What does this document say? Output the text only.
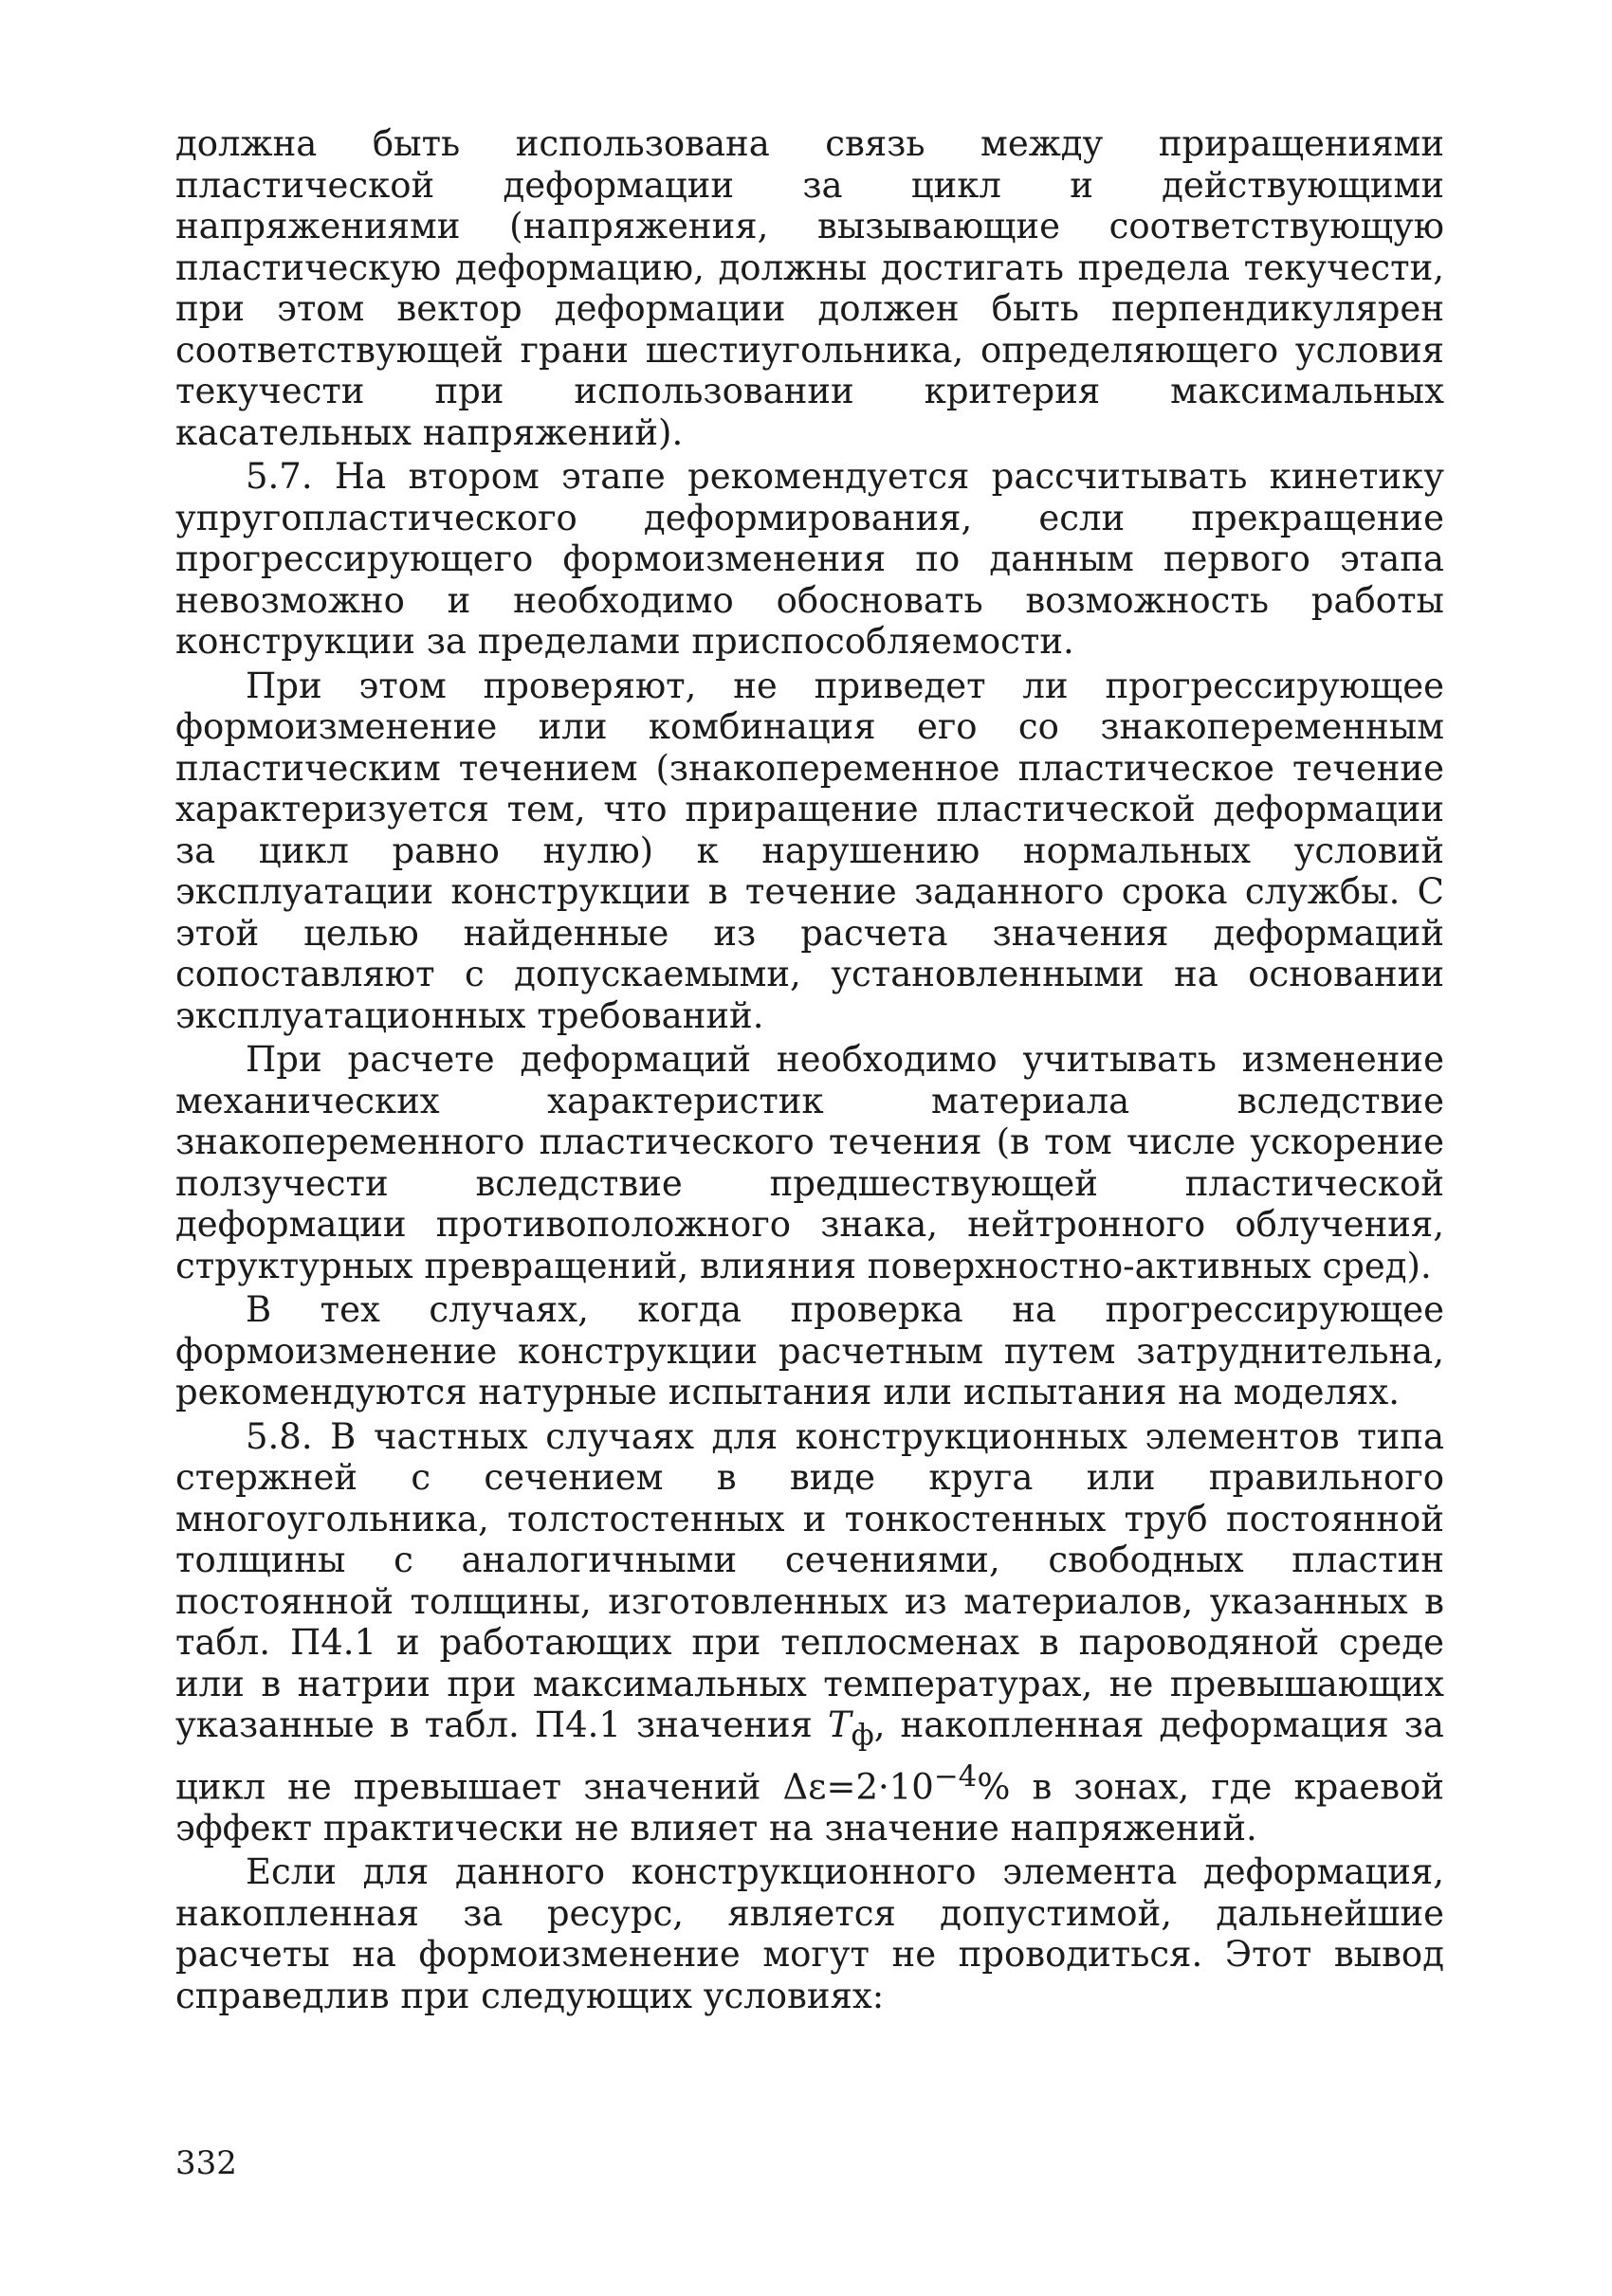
должна быть использована связь между приращениями пластической деформации за цикл и действующими напряжениями (напряжения, вызывающие соответствующую пластическую деформацию, должны достигать предела текучести, при этом вектор деформации должен быть перпендикулярен соответствующей грани шестиугольника, определяющего условия текучести при использовании критерия максимальных касательных напряжений).

5.7. На втором этапе рекомендуется рассчитывать кинетику упругопластического деформирования, если прекращение прогрессирующего формоизменения по данным первого этапа невозможно и необходимо обосновать возможность работы конструкции за пределами приспособляемости.

При этом проверяют, не приведет ли прогрессирующее формоизменение или комбинация его со знакопеременным пластическим течением (знакопеременное пластическое течение характеризуется тем, что приращение пластической деформации за цикл равно нулю) к нарушению нормальных условий эксплуатации конструкции в течение заданного срока службы. С этой целью найденные из расчета значения деформаций сопоставляют с допускаемыми, установленными на основании эксплуатационных требований.

При расчете деформаций необходимо учитывать изменение механических характеристик материала вследствие знакопеременного пластического течения (в том числе ускорение ползучести вследствие предшествующей пластической деформации противоположного знака, нейтронного облучения, структурных превращений, влияния поверхностно-активных сред).

В тех случаях, когда проверка на прогрессирующее формоизменение конструкции расчетным путем затруднительна, рекомендуются натурные испытания или испытания на моделях.

5.8. В частных случаях для конструкционных элементов типа стержней с сечением в виде круга или правильного многоугольника, толстостенных и тонкостенных труб постоянной толщины с аналогичными сечениями, свободных пластин постоянной толщины, изготовленных из материалов, указанных в табл. П4.1 и работающих при теплосменах в пароводяной среде или в натрии при максимальных температурах, не превышающих указанные в табл. П4.1 значения $T_ф$, накопленная деформация за цикл не превышает значений $\Delta\varepsilon=2\cdot 10^{-4}\%$ в зонах, где краевой эффект практически не влияет на значение напряжений.

Если для данного конструкционного элемента деформация, накопленная за ресурс, является допустимой, дальнейшие расчеты на формоизменение могут не проводиться. Этот вывод справедлив при следующих условиях:

332
